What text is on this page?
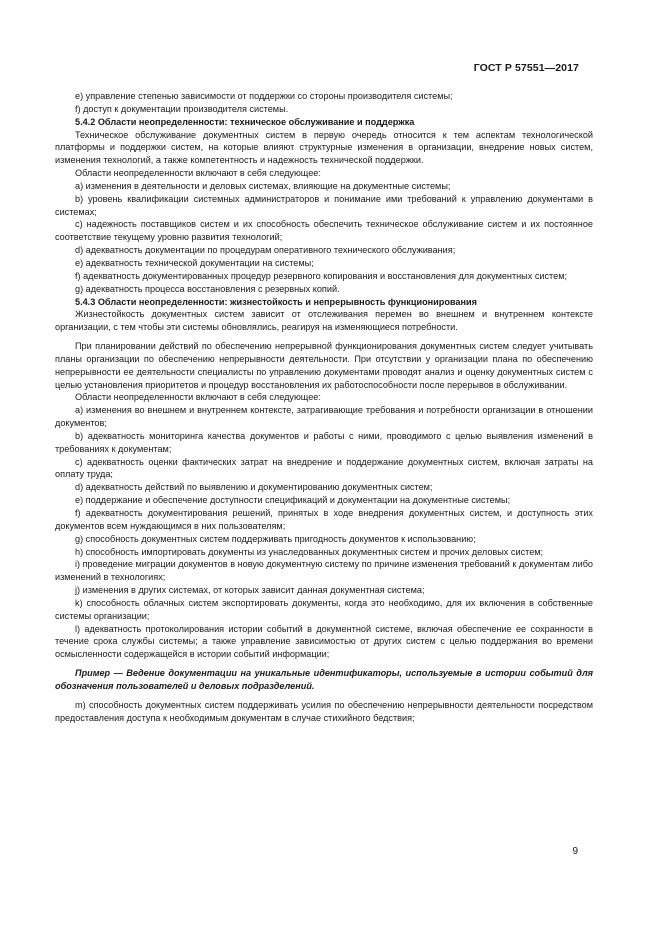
ГОСТ Р 57551—2017

e) управление степенью зависимости от поддержки со стороны производителя системы;

f) доступ к документации производителя системы.

5.4.2 Области неопределенности: техническое обслуживание и поддержка

Техническое обслуживание документных систем в первую очередь относится к тем аспектам технологической платформы и поддержки систем, на которые влияют структурные изменения в организации, внедрение новых систем, изменения технологий, а также компетентность и надежность технической поддержки.

Области неопределенности включают в себя следующее:

a) изменения в деятельности и деловых системах, влияющие на документные системы;

b) уровень квалификации системных администраторов и понимание ими требований к управлению документами в системах;

c) надежность поставщиков систем и их способность обеспечить техническое обслуживание систем и их постоянное соответствие текущему уровню развития технологий;

d) адекватность документации по процедурам оперативного технического обслуживания;

e) адекватность технической документации на системы;

f) адекватность документированных процедур резервного копирования и восстановления для документных систем;

g) адекватность процесса восстановления с резервных копий.

5.4.3 Области неопределенности: жизнестойкость и непрерывность функционирования

Жизнестойкость документных систем зависит от отслеживания перемен во внешнем и внутреннем контексте организации, с тем чтобы эти системы обновлялись, реагируя на изменяющиеся потребности.

При планировании действий по обеспечению непрерывной функционирования документных систем следует учитывать планы организации по обеспечению непрерывности деятельности. При отсутствии у организации плана по обеспечению непрерывности ее деятельности специалисты по управлению документами проводят анализ и оценку документных систем с целью установления приоритетов и процедур восстановления их работоспособности после перерывов в обслуживании.

Области неопределенности включают в себя следующее:

a) изменения во внешнем и внутреннем контексте, затрагивающие требования и потребности организации в отношении документов;

b) адекватность мониторинга качества документов и работы с ними, проводимого с целью выявления изменений в требованиях к документам;

c) адекватность оценки фактических затрат на внедрение и поддержание документных систем, включая затраты на оплату труда;

d) адекватность действий по выявлению и документированию документных систем;

e) поддержание и обеспечение доступности спецификаций и документации на документные системы;

f) адекватность документирования решений, принятых в ходе внедрения документных систем, и доступность этих документов всем нуждающимся в них пользователям;

g) способность документных систем поддерживать пригодность документов к использованию;

h) способность импортировать документы из унаследованных документных систем и прочих деловых систем;

i) проведение миграции документов в новую документную систему по причине изменения требований к документам либо изменений в технологиях;

j) изменения в других системах, от которых зависит данная документная система;

k) способность облачных систем экспортировать документы, когда это необходимо, для их включения в собственные системы организации;

l) адекватность протоколирования истории событий в документной системе, включая обеспечение ее сохранности в течение срока службы системы; а также управление зависимостью от других систем с целью поддержания во времени осмысленности содержащейся в истории событий информации;

Пример — Ведение документации на уникальные идентификаторы, используемые в истории событий для обозначения пользователей и деловых подразделений.

m) способность документных систем поддерживать усилия по обеспечению непрерывности деятельности посредством предоставления доступа к необходимым документам в случае стихийного бедствия;

9
